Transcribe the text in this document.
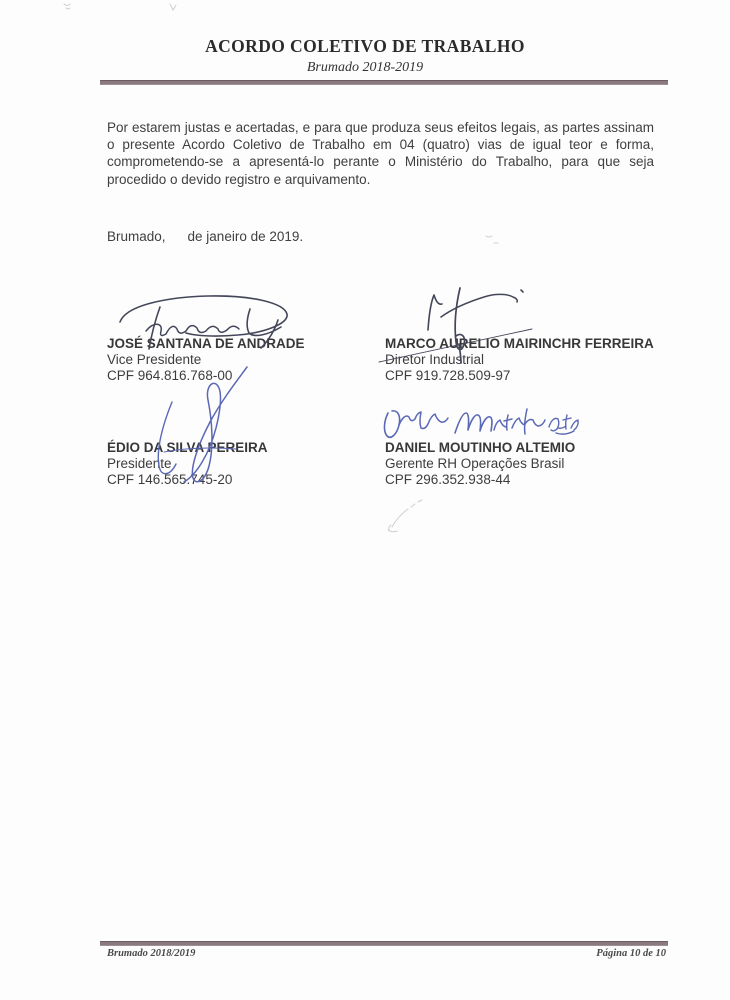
ACORDO COLETIVO DE TRABALHO
Brumado 2018-2019
Por estarem justas e acertadas, e para que produza seus efeitos legais, as partes assinam o presente Acordo Coletivo de Trabalho em 04 (quatro) vias de igual teor e forma, comprometendo-se a apresentá-lo perante o Ministério do Trabalho, para que seja procedido o devido registro e arquivamento.
Brumado, de janeiro de 2019.
JOSÉ SANTANA DE ANDRADE
Vice Presidente
CPF 964.816.768-00
MARCO AURELIO MAIRINCHR FERREIRA
Diretor Industrial
CPF 919.728.509-97
ÉDIO DA SILVA PEREIRA
Presidente
CPF 146.565.745-20
DANIEL MOUTINHO ALTEMIO
Gerente RH Operações Brasil
CPF 296.352.938-44
Brumado 2018/2019	Página 10 de 10
